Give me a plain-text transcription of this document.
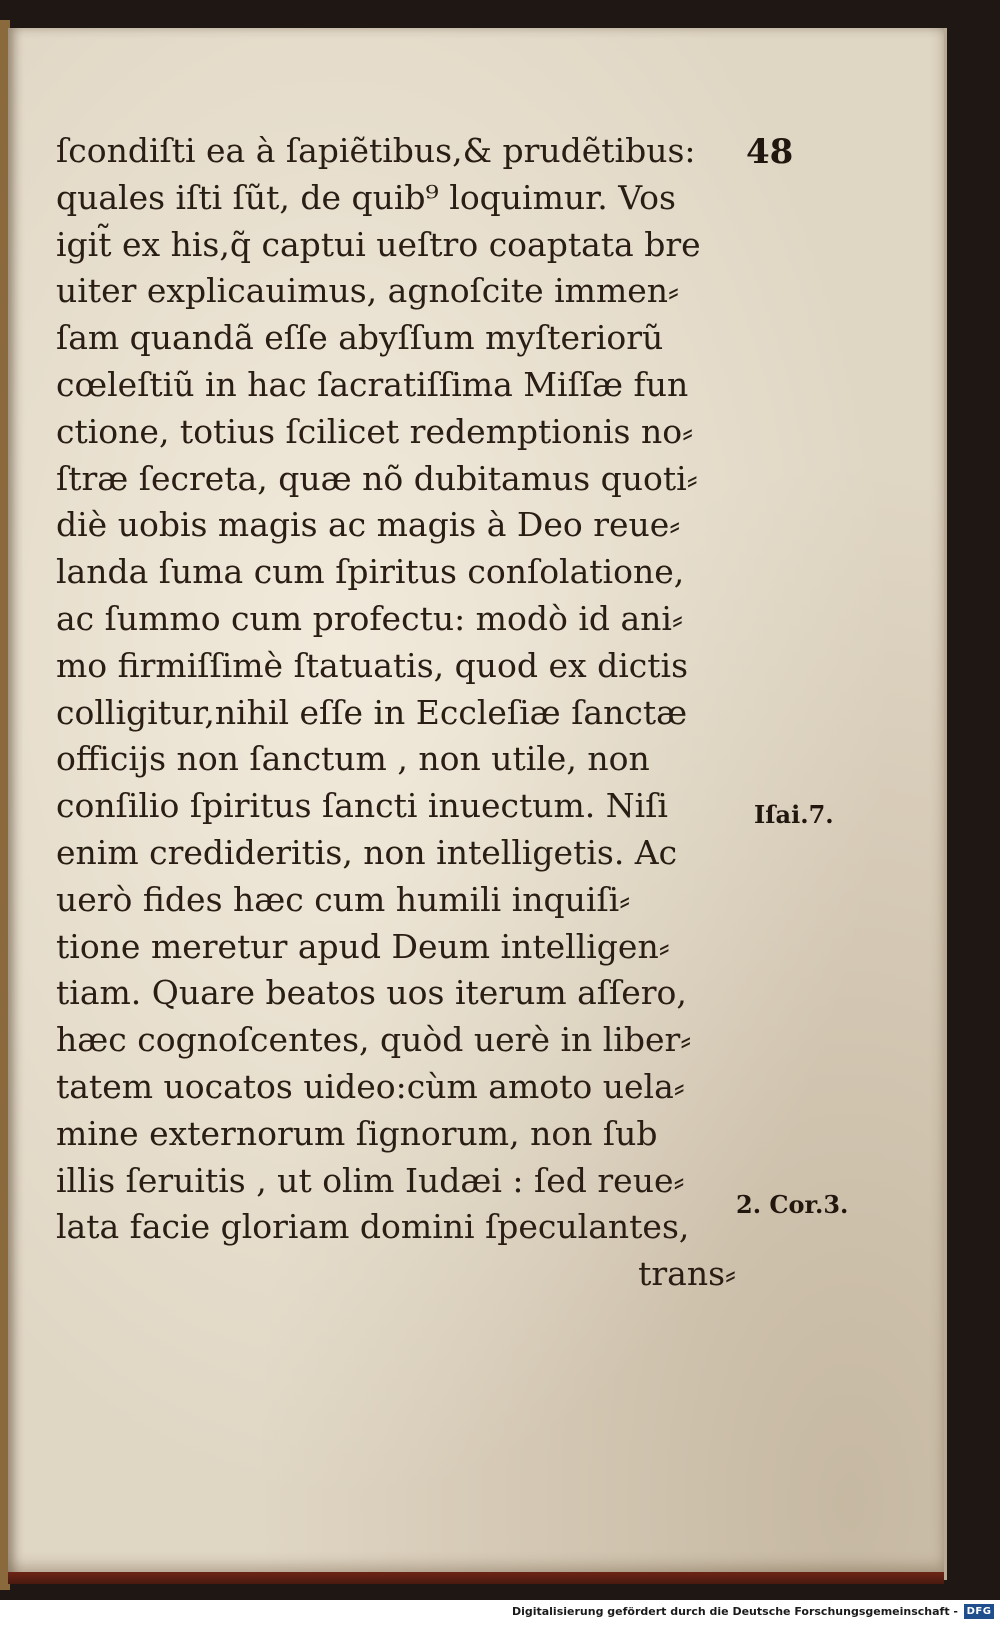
48
ſcondiſti ea à ſapiẽtibus,& prudẽtibus:
quales iſti ſũt, de quib⁹ loquimur. Vos
igit̃ ex his,q̃ captui ueſtro coaptata bre
uiter explicauimus, agnoſcite immen⸗
ſam quandã eſſe abyſſum myſteriorũ
cœleſtiũ in hac ſacratiſſima Miſſæ fun
ctione, totius ſcilicet redemptionis no⸗
ſtræ ſecreta, quæ nõ dubitamus quoti⸗
diè uobis magis ac magis à Deo reue⸗
landa ſuma cum ſpiritus conſolatione,
ac ſummo cum profectu: modò id ani⸗
mo firmiſſimè ſtatuatis, quod ex dictis
colligitur,nihil eſſe in Eccleſiæ ſanctæ
officijs non ſanctum , non utile, non
conſilio ſpiritus ſancti inuectum. Niſi
enim credideritis, non intelligetis. Ac
uerò fides hæc cum humili inquiſi⸗
tione meretur apud Deum intelligen⸗
tiam. Quare beatos uos iterum aſſero,
hæc cognoſcentes, quòd uerè in liber⸗
tatem uocatos uideo:cùm amoto uela⸗
mine externorum ſignorum, non ſub
illis ſeruitis , ut olim Iudæi : ſed reue⸗
lata facie gloriam domini ſpeculantes,
trans⸗
Iſai.7.
2. Cor.3.
Digitalisierung gefördert durch die Deutsche Forschungsgemeinschaft - DFG
